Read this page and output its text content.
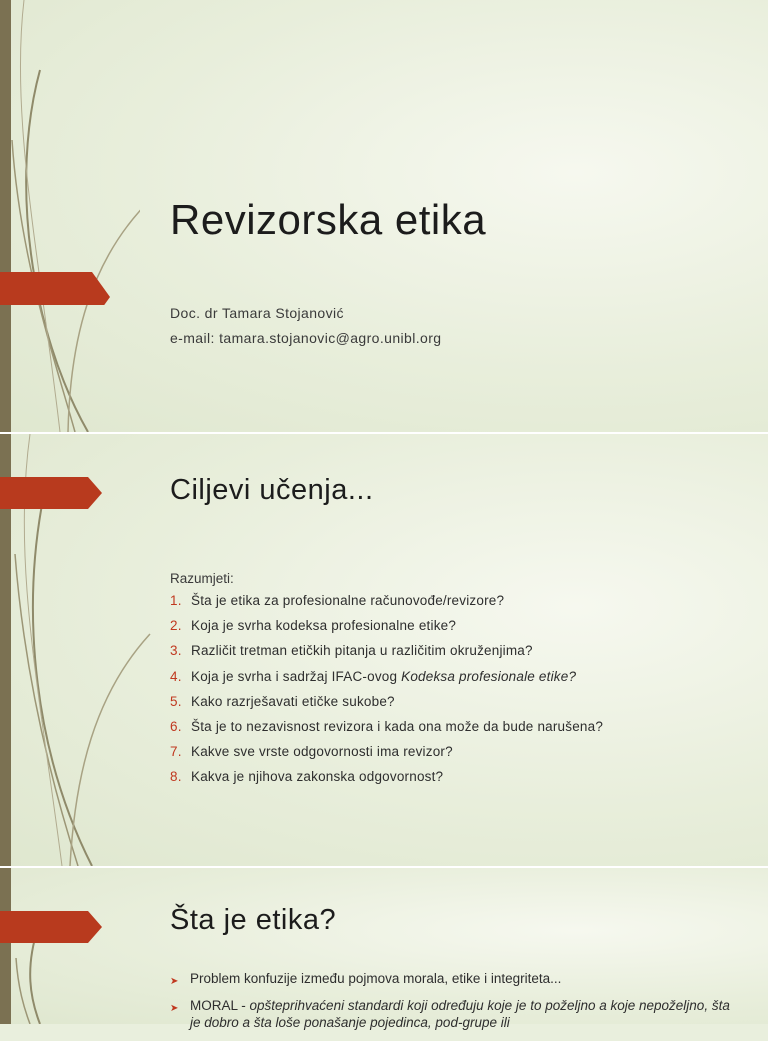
Revizorska etika
Doc. dr Tamara Stojanović
e-mail: tamara.stojanovic@agro.unibl.org
Ciljevi učenja...
Razumjeti:
1. Šta je etika za profesionalne računovođe/revizore?
2. Koja je svrha kodeksa profesionalne etike?
3. Različit tretman etičkih pitanja u različitim okruženjima?
4. Koja je svrha i sadržaj IFAC-ovog Kodeksa profesionale etike?
5. Kako razrješavati etičke sukobe?
6. Šta je to nezavisnost revizora i kada ona može da bude narušena?
7. Kakve sve vrste odgovornosti ima revizor?
8. Kakva je njihova zakonska odgovornost?
Šta je etika?
➤ Problem konfuzije između pojmova morala, etike i integriteta...
➤ MORAL - opšteprihvaćeni standardi koji određuju koje je to poželjno a koje nepoželjno, šta je dobro a šta loše ponašanje pojedinca, pod-grupe ili
